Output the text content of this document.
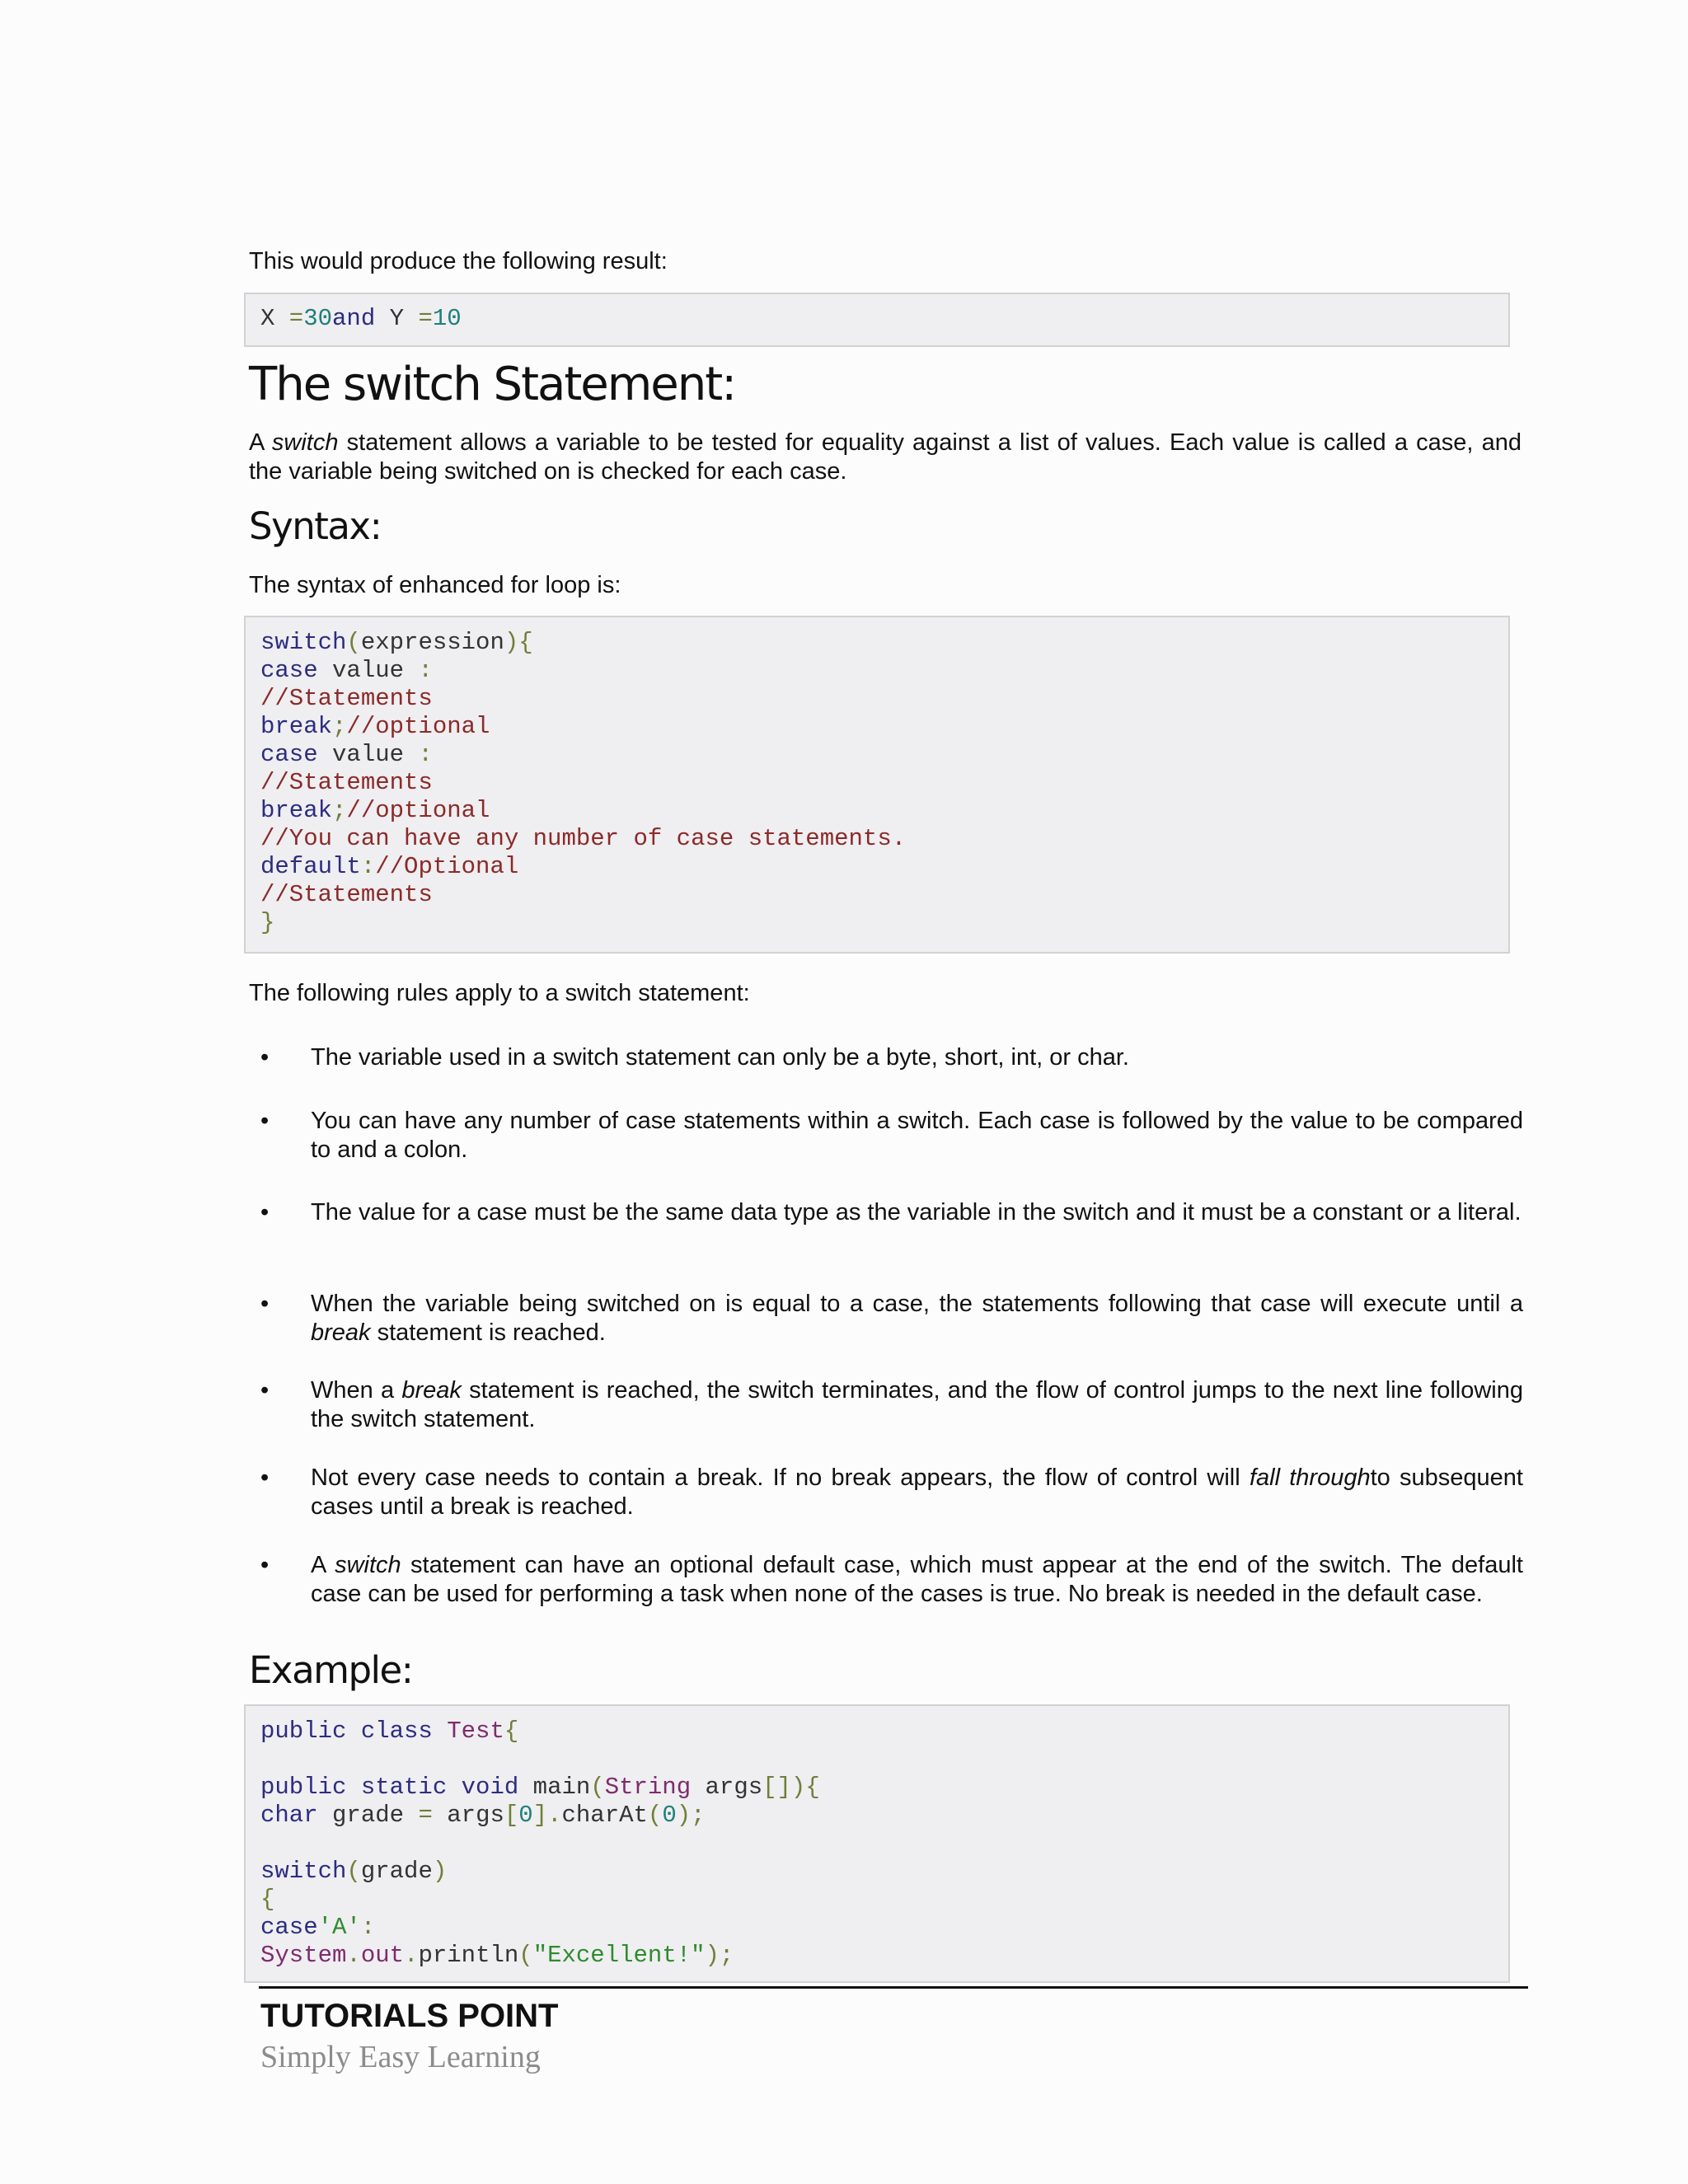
This would produce the following result:

X =30and Y =10
The switch Statement:

A switch statement allows a variable to be tested for equality against a list of values. Each value is called a case, and the variable being switched on is checked for each case.

Syntax:

The syntax of enhanced for loop is:

switch(expression){
case value :
//Statements
break;//optional
case value :
//Statements
break;//optional
//You can have any number of case statements.
default://Optional
//Statements
}

The following rules apply to a switch statement:

• The variable used in a switch statement can only be a byte, short, int, or char.
• You can have any number of case statements within a switch. Each case is followed by the value to be compared to and a colon.
• The value for a case must be the same data type as the variable in the switch and it must be a constant or a literal.
• When the variable being switched on is equal to a case, the statements following that case will execute until a break statement is reached.
• When a break statement is reached, the switch terminates, and the flow of control jumps to the next line following the switch statement.
• Not every case needs to contain a break. If no break appears, the flow of control will fall throughto subsequent cases until a break is reached.
• A switch statement can have an optional default case, which must appear at the end of the switch. The default case can be used for performing a task when none of the cases is true. No break is needed in the default case.
Example:
public class Test{

public static void main(String args[]){
char grade = args[0].charAt(0);

switch(grade)
{
case'A':
System.out.println("Excellent!");
TUTORIALS POINT
Simply Easy Learning
